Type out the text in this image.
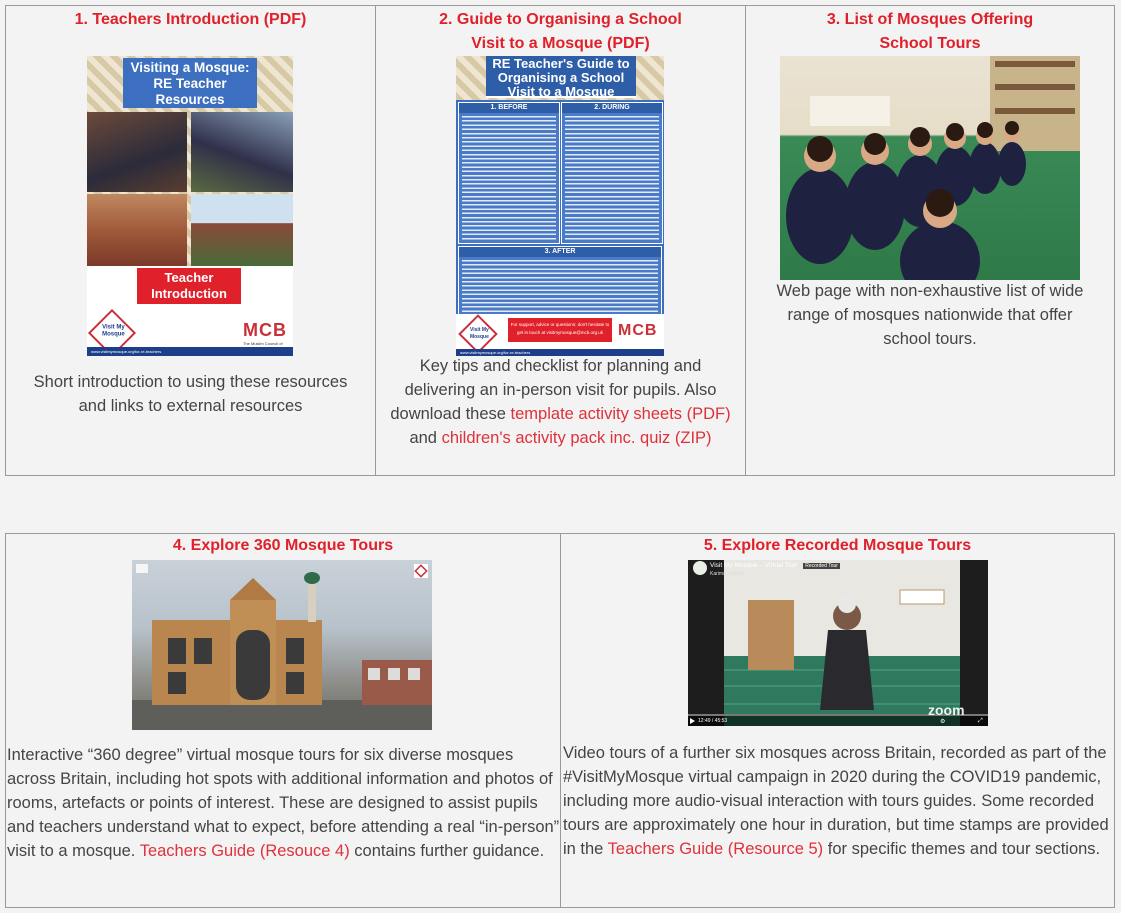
1. Teachers Introduction (PDF)

Visiting a Mosque:
RE Teacher
Resources
Teacher
Introduction
Visit My Mosque	MCB
The Muslim Council of
www.visitmymosque.org/for-re-teachers
Short introduction to using these resources
and links to external resources

2. Guide to Organising a School
Visit to a Mosque (PDF)

RE Teacher's Guide to
Organising a School
Visit to a Mosque
1. BEFORE	2. DURING
3. AFTER
Visit My Mosque
For support, advice or questions: don't hesitate to get in touch at visitmymosque@mcb.org.uk MCB
www.visitmymosque.org/for-re-teachers
Key tips and checklist for planning and delivering an in-person visit for pupils. Also download these template activity sheets (PDF) and children's activity pack inc. quiz (ZIP)

3. List of Mosques Offering
School Tours

Web page with non-exhaustive list of wide
range of mosques nationwide that offer
school tours.

4. Explore 360 Mosque Tours

Interactive “360 degree” virtual mosque tours for six diverse mosques across Britain, including hot spots with additional information and photos of rooms, artefacts or points of interest. These are designed to assist pupils and teachers understand what to expect, before attending a real “in-person” visit to a mosque. Teachers Guide (Resouce 4) contains further guidance.

5. Explore Recorded Mosque Tours

Visit My Mosque – Virtual Tour Recorded Tour
Karima Institute
12:49 / 45:53
zoom
⚙	⤢
Video tours of a further six mosques across Britain, recorded as part of the #VisitMyMosque virtual campaign in 2020 during the COVID19 pandemic, including more audio-visual interaction with tours guides. Some recorded tours are approximately one hour in duration, but time stamps are provided in the Teachers Guide (Resource 5) for specific themes and tour sections.
